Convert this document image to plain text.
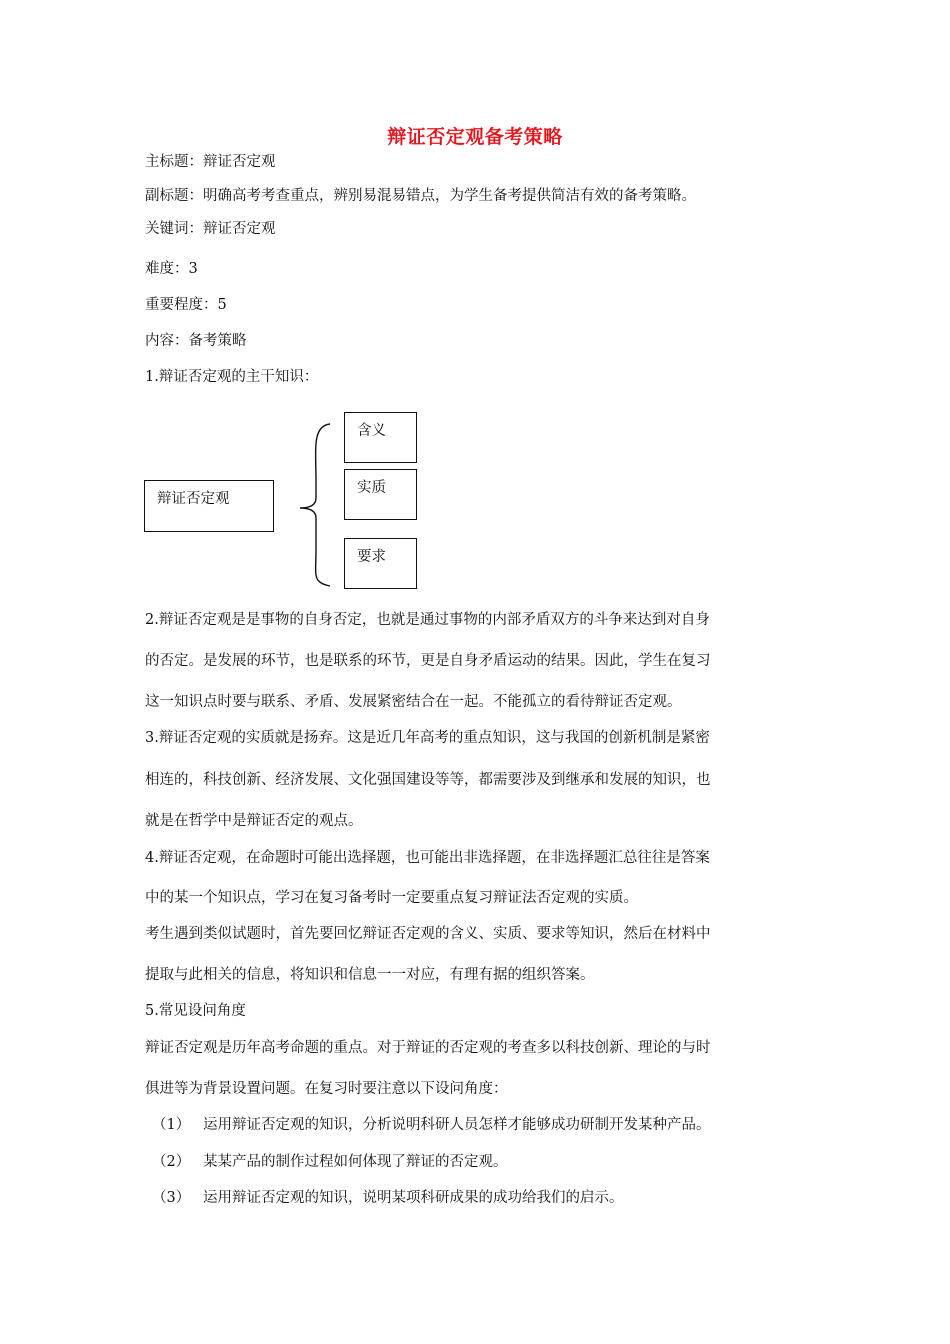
辩证否定观备考策略
主标题：辩证否定观
副标题：明确高考考查重点，辨别易混易错点，为学生备考提供简洁有效的备考策略。
关键词：辩证否定观
难度：3
重要程度：5
内容：备考策略
1.辩证否定观的主干知识：
辩证否定观
含义
实质
要求
2.辩证否定观是是事物的自身否定，也就是通过事物的内部矛盾双方的斗争来达到对自身
的否定。是发展的环节，也是联系的环节，更是自身矛盾运动的结果。因此，学生在复习
这一知识点时要与联系、矛盾、发展紧密结合在一起。不能孤立的看待辩证否定观。
3.辩证否定观的实质就是扬弃。这是近几年高考的重点知识，这与我国的创新机制是紧密
相连的，科技创新、经济发展、文化强国建设等等，都需要涉及到继承和发展的知识，也
就是在哲学中是辩证否定的观点。
4.辩证否定观，在命题时可能出选择题，也可能出非选择题，在非选择题汇总往往是答案
中的某一个知识点，学习在复习备考时一定要重点复习辩证法否定观的实质。
考生遇到类似试题时，首先要回忆辩证否定观的含义、实质、要求等知识，然后在材料中
提取与此相关的信息，将知识和信息一一对应，有理有据的组织答案。
5.常见设问角度
辩证否定观是历年高考命题的重点。对于辩证的否定观的考查多以科技创新、理论的与时
俱进等为背景设置问题。在复习时要注意以下设问角度：
（1） 运用辩证否定观的知识，分析说明科研人员怎样才能够成功研制开发某种产品。
（2） 某某产品的制作过程如何体现了辩证的否定观。
（3） 运用辩证否定观的知识，说明某项科研成果的成功给我们的启示。
